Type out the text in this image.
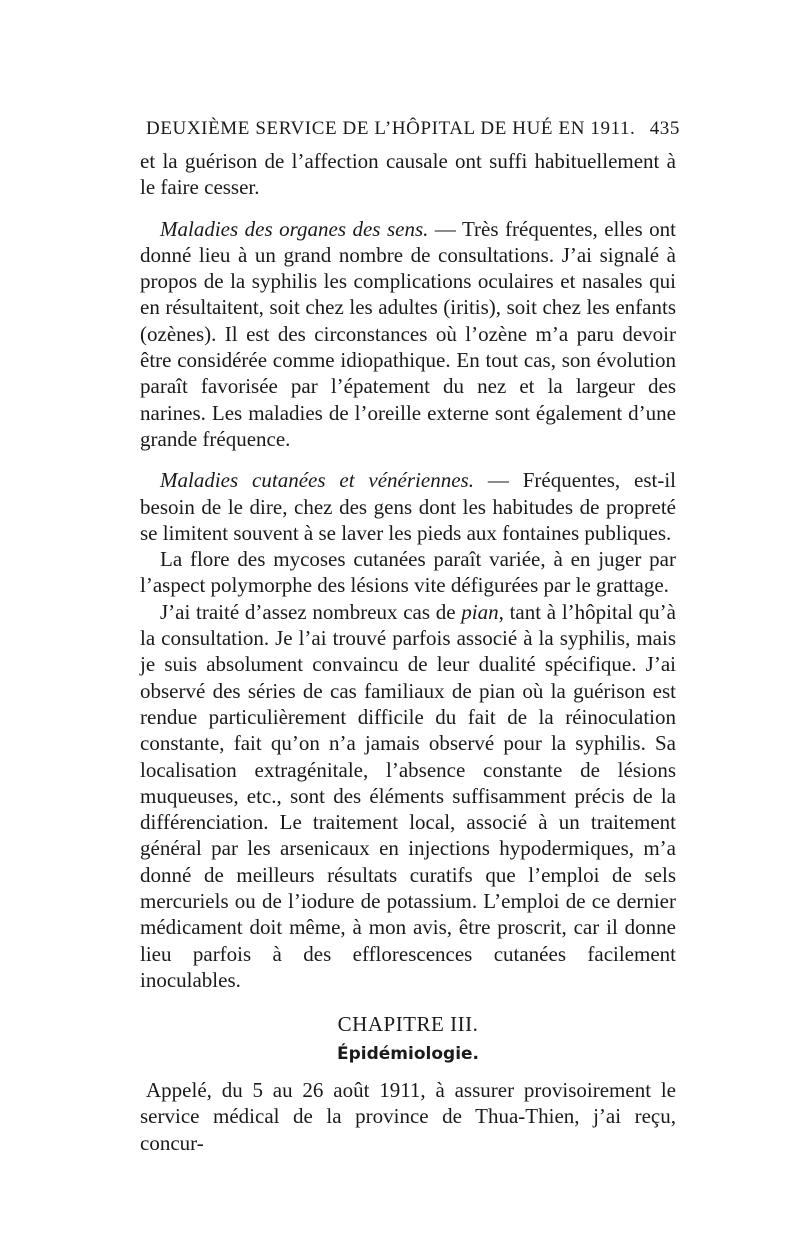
DEUXIÈME SERVICE DE L’HÔPITAL DE HUÉ EN 1911. 435

et la guérison de l’affection causale ont suffi habituellement à le faire cesser.

Maladies des organes des sens. — Très fréquentes, elles ont donné lieu à un grand nombre de consultations. J’ai signalé à propos de la syphilis les complications oculaires et nasales qui en résultaitent, soit chez les adultes (iritis), soit chez les enfants (ozènes). Il est des circonstances où l’ozène m’a paru devoir être considérée comme idiopathique. En tout cas, son évolution paraît favorisée par l’épatement du nez et la largeur des narines. Les maladies de l’oreille externe sont également d’une grande fréquence.

Maladies cutanées et vénériennes. — Fréquentes, est-il besoin de le dire, chez des gens dont les habitudes de propreté se limitent souvent à se laver les pieds aux fontaines publiques.

La flore des mycoses cutanées paraît variée, à en juger par l’aspect polymorphe des lésions vite défigurées par le grattage.

J’ai traité d’assez nombreux cas de pian, tant à l’hôpital qu’à la consultation. Je l’ai trouvé parfois associé à la syphilis, mais je suis absolument convaincu de leur dualité spécifique. J’ai observé des séries de cas familiaux de pian où la guérison est rendue particulièrement difficile du fait de la réinoculation constante, fait qu’on n’a jamais observé pour la syphilis. Sa localisation extragénitale, l’absence constante de lésions muqueuses, etc., sont des éléments suffisamment précis de la différenciation. Le traitement local, associé à un traitement général par les arsenicaux en injections hypodermiques, m’a donné de meilleurs résultats curatifs que l’emploi de sels mercuriels ou de l’iodure de potassium. L’emploi de ce dernier médicament doit même, à mon avis, être proscrit, car il donne lieu parfois à des efflorescences cutanées facilement inoculables.

CHAPITRE III.
Épidémiologie.

Appelé, du 5 au 26 août 1911, à assurer provisoirement le service médical de la province de Thua-Thien, j’ai reçu, concur-
